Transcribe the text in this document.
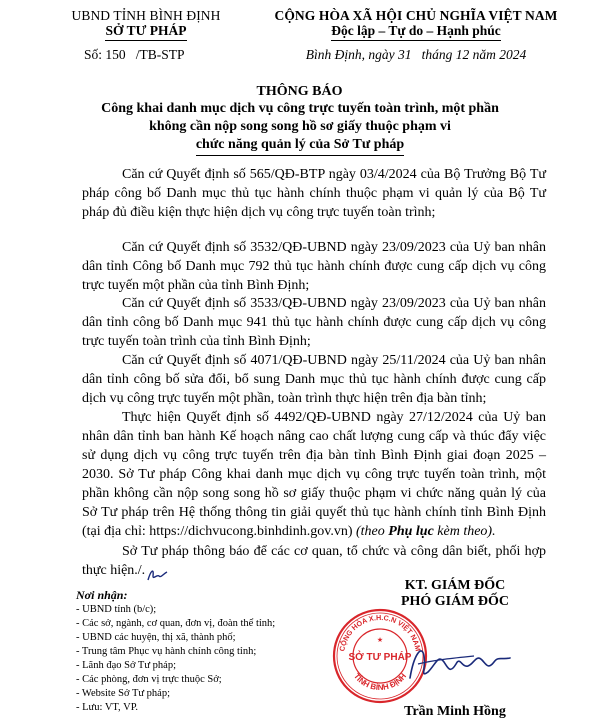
UBND TỈNH BÌNH ĐỊNH
SỞ TƯ PHÁP
CỘNG HÒA XÃ HỘI CHỦ NGHĨA VIỆT NAM
Độc lập – Tự do – Hạnh phúc
Số: 150   /TB-STP	Bình Định, ngày 31   tháng 12 năm 2024
THÔNG BÁO
Công khai danh mục dịch vụ công trực tuyến toàn trình, một phần
không cần nộp song song hồ sơ giấy thuộc phạm vi
chức năng quản lý của Sở Tư pháp
Căn cứ Quyết định số 565/QĐ-BTP ngày 03/4/2024 của Bộ Trưởng Bộ Tư pháp công bố Danh mục thủ tục hành chính thuộc phạm vi quản lý của Bộ Tư pháp đủ điều kiện thực hiện dịch vụ công trực tuyến toàn trình;
Căn cứ Quyết định số 3532/QĐ-UBND ngày 23/09/2023 của Uỷ ban nhân dân tỉnh Công bố Danh mục 792 thủ tục hành chính được cung cấp dịch vụ công trực tuyến một phần của tỉnh Bình Định;
Căn cứ Quyết định số 3533/QĐ-UBND ngày 23/09/2023 của Uỷ ban nhân dân tỉnh công bố Danh mục 941 thủ tục hành chính được cung cấp dịch vụ công trực tuyến toàn trình của tỉnh Bình Định;
Căn cứ Quyết định số 4071/QĐ-UBND ngày 25/11/2024 của Uỷ ban nhân dân tỉnh công bố sửa đổi, bổ sung Danh mục thủ tục hành chính được cung cấp dịch vụ công trực tuyến một phần, toàn trình thực hiện trên địa bàn tỉnh;
Thực hiện Quyết định số 4492/QĐ-UBND ngày 27/12/2024 của Uỷ ban nhân dân tỉnh ban hành Kế hoạch nâng cao chất lượng cung cấp và thúc đẩy việc sử dụng dịch vụ công trực tuyến trên địa bàn tỉnh Bình Định giai đoạn 2025 – 2030. Sở Tư pháp Công khai danh mục dịch vụ công trực tuyến toàn trình, một phần không cần nộp song song hồ sơ giấy thuộc phạm vi chức năng quản lý của Sở Tư pháp trên Hệ thống thông tin giải quyết thủ tục hành chính tỉnh Bình Định (tại địa chỉ: https://dichvucong.binhdinh.gov.vn) (theo Phụ lục kèm theo).
Sở Tư pháp thông báo để các cơ quan, tổ chức và công dân biết, phối hợp thực hiện./.
Nơi nhận:
- UBND tỉnh (b/c);
- Các sở, ngành, cơ quan, đơn vị, đoàn thể tỉnh;
- UBND các huyện, thị xã, thành phố;
- Trung tâm Phục vụ hành chính công tỉnh;
- Lãnh đạo Sở Tư pháp;
- Các phòng, đơn vị trực thuộc Sở;
- Website Sở Tư pháp;
- Lưu: VT, VP.
KT. GIÁM ĐỐC
PHÓ GIÁM ĐỐC
CỘNG HÒA X.H.C.N VIỆT NAM
TỈNH BÌNH ĐỊNH
SỞ TƯ PHÁP
★
Trần Minh Hồng
